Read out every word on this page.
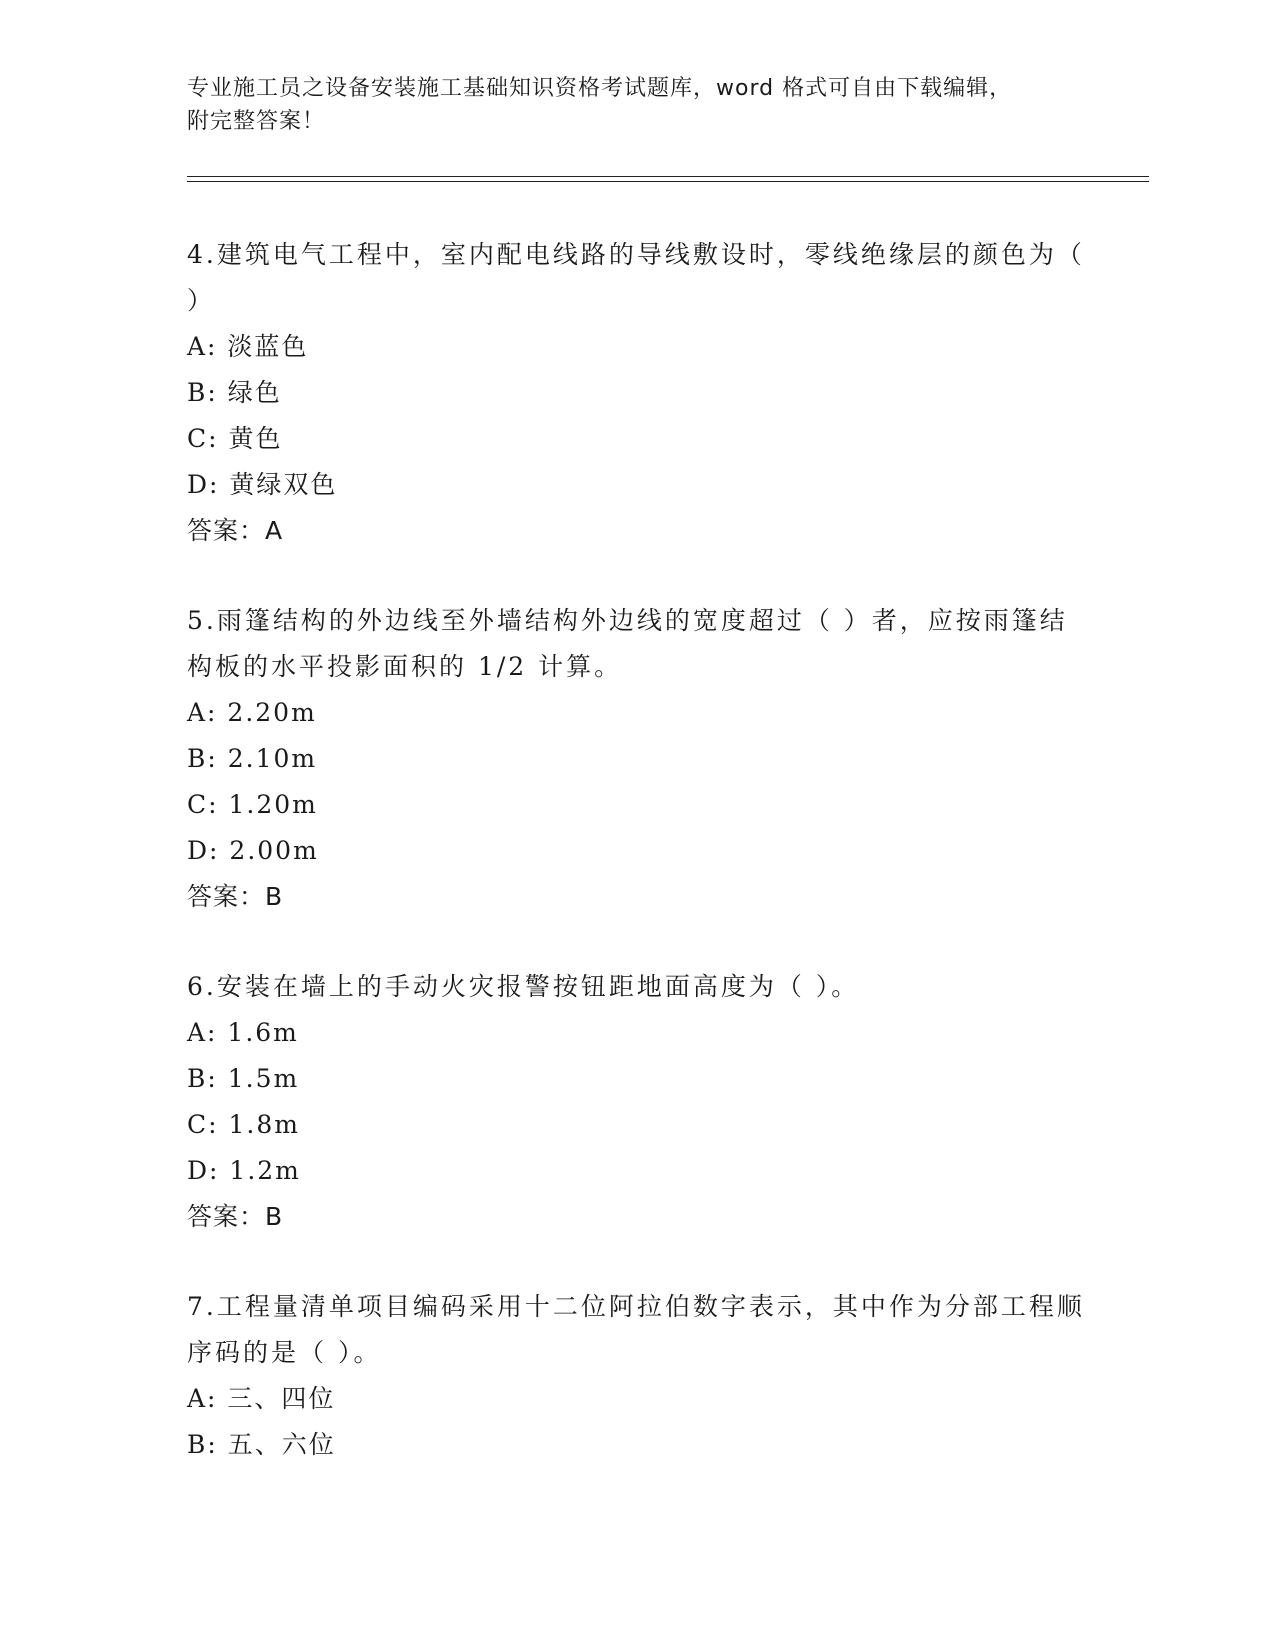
专业施工员之设备安装施工基础知识资格考试题库，word 格式可自由下载编辑，
附完整答案！
4.建筑电气工程中，室内配电线路的导线敷设时，零线绝缘层的颜色为（ ）
A: 淡蓝色
B: 绿色
C: 黄色
D: 黄绿双色
答案：A
5.雨篷结构的外边线至外墙结构外边线的宽度超过（ ）者，应按雨篷结构板的水平投影面积的 1/2 计算。
A: 2.20m
B: 2.10m
C: 1.20m
D: 2.00m
答案：B
6.安装在墙上的手动火灾报警按钮距地面高度为（ ）。
A: 1.6m
B: 1.5m
C: 1.8m
D: 1.2m
答案：B
7.工程量清单项目编码采用十二位阿拉伯数字表示，其中作为分部工程顺序码的是（ ）。
A: 三、四位
B: 五、六位
